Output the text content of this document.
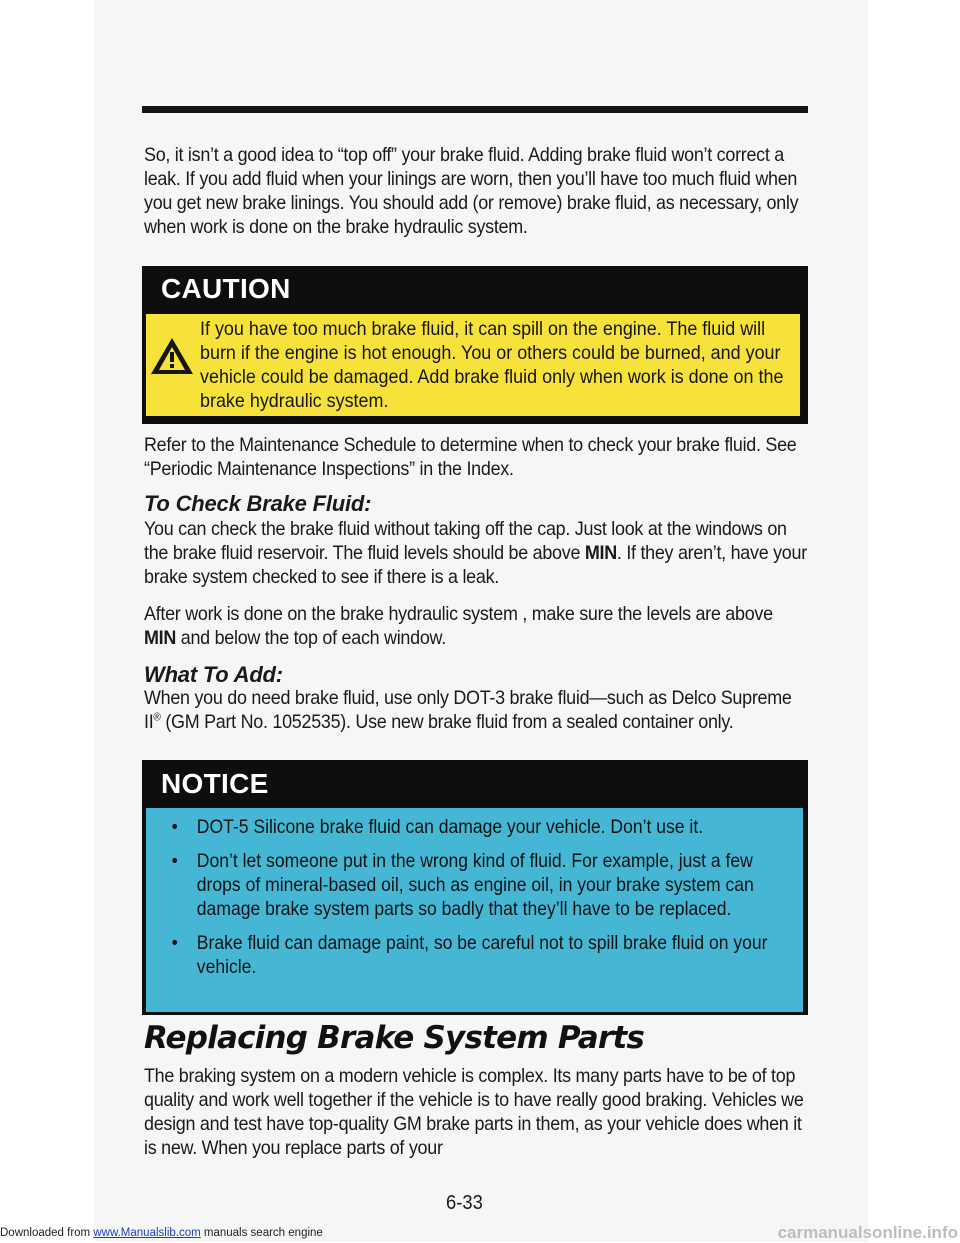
So, it isn’t a good idea to “top off” your brake fluid. Adding brake fluid won’t correct a leak. If you add fluid when your linings are worn, then you’ll have too much fluid when you get new brake linings. You should add (or remove) brake fluid, as necessary, only when work is done on the brake hydraulic system.
CAUTION
If you have too much brake fluid, it can spill on the engine. The fluid will burn if the engine is hot enough. You or others could be burned, and your vehicle could be damaged. Add brake fluid only when work is done on the brake hydraulic system.
Refer to the Maintenance Schedule to determine when to check your brake fluid. See “Periodic Maintenance Inspections” in the Index.
To Check Brake Fluid:
You can check the brake fluid without taking off the cap. Just look at the windows on the brake fluid reservoir. The fluid levels should be above MIN. If they aren’t, have your brake system checked to see if there is a leak.
After work is done on the brake hydraulic system , make sure the levels are above MIN and below the top of each window.
What To Add:
When you do need brake fluid, use only DOT-3 brake fluid—such as Delco Supreme II® (GM Part No. 1052535). Use new brake fluid from a sealed container only.
NOTICE
• DOT-5 Silicone brake fluid can damage your vehicle. Don’t use it.
• Don’t let someone put in the wrong kind of fluid. For example, just a few drops of mineral-based oil, such as engine oil, in your brake system can damage brake system parts so badly that they’ll have to be replaced.
• Brake fluid can damage paint, so be careful not to spill brake fluid on your vehicle.
Replacing Brake System Parts
The braking system on a modern vehicle is complex. Its many parts have to be of top quality and work well together if the vehicle is to have really good braking. Vehicles we design and test have top-quality GM brake parts in them, as your vehicle does when it is new. When you replace parts of your
6-33
Downloaded from www.Manualslib.com manuals search engine	carmanualsonline.info
